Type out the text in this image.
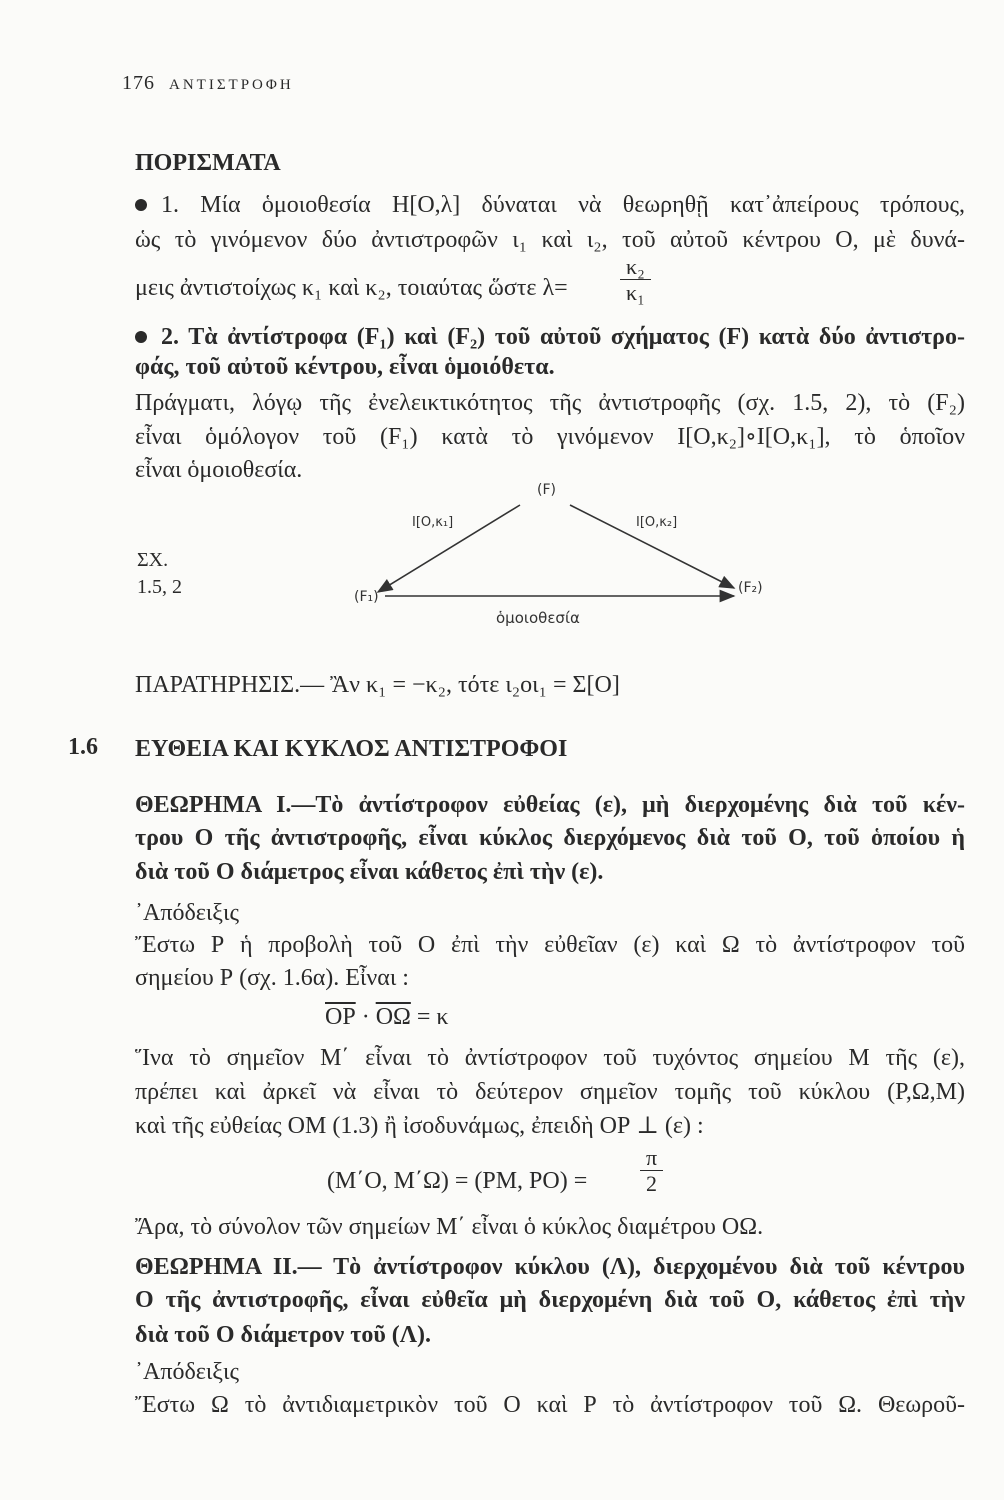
176 ΑΝΤΙΣΤΡΟΦΗ
ΠΟΡΙΣΜΑΤΑ
1. Μία ὁμοιοθεσία Η[Ο,λ] δύναται νὰ θεωρηθῇ κατ᾽ἀπείρους τρόπους,
ὡς τὸ γινόμενον δύο ἀντιστροφῶν ι₁ καὶ ι₂, τοῦ αὐτοῦ κέντρου Ο, μὲ δυνά-
μεις ἀντιστοίχως κ₁ καὶ κ₂, τοιαύτας ὥστε λ=	$\frac{\text{κ₂}}{\text{κ₁}}$
2. Τὰ ἀντίστροφα (F₁) καὶ (F₂) τοῦ αὐτοῦ σχήματος (F) κατὰ δύο ἀντιστρο-
φάς, τοῦ αὐτοῦ κέντρου, εἶναι ὁμοιόθετα.
Πράγματι, λόγῳ τῆς ἐνελεικτικότητος τῆς ἀντιστροφῆς (σχ. 1.5, 2), τὸ (F₂)
εἶναι ὁμόλογον τοῦ (F₁) κατὰ τὸ γινόμενον Ι[Ο,κ₂]∘Ι[Ο,κ₁], τὸ ὁποῖον
εἶναι ὁμοιοθεσία.
ΣΧ.
1.5, 2
(F)
(F₁)
(F₂)
I[O,κ₁]	I[O,κ₂]
ὁμοιοθεσία
ΠΑΡΑΤΗΡΗΣΙΣ.— Ἂν κ₁ = −κ₂, τότε ι₂οι₁ = Σ[Ο]
1.6 ΕΥΘΕΙΑ ΚΑΙ ΚΥΚΛΟΣ ΑΝΤΙΣΤΡΟΦΟΙ
ΘΕΩΡΗΜΑ Ι.—Τὸ ἀντίστροφον εὐθείας (ε), μὴ διερχομένης διὰ τοῦ κέν-
τρου Ο τῆς ἀντιστροφῆς, εἶναι κύκλος διερχόμενος διὰ τοῦ Ο, τοῦ ὁποίου ἡ
διὰ τοῦ Ο διάμετρος εἶναι κάθετος ἐπὶ τὴν (ε).
᾽Απόδειξις
Ἔστω Ρ ἡ προβολὴ τοῦ Ο ἐπὶ τὴν εὐθεῖαν (ε) καὶ Ω τὸ ἀντίστροφον τοῦ
σημείου Ρ (σχ. 1.6α). Εἶναι :
$\overline{OP} \cdot \overline{O\Omega} = \kappa$
Ἵνα τὸ σημεῖον Μ΄ εἶναι τὸ ἀντίστροφον τοῦ τυχόντος σημείου Μ τῆς (ε),
πρέπει καὶ ἀρκεῖ νὰ εἶναι τὸ δεύτερον σημεῖον τομῆς τοῦ κύκλου (Ρ,Ω,Μ)
καὶ τῆς εὐθείας ΟΜ (1.3) ἢ ἰσοδυνάμως, ἐπειδὴ ΟΡ ⊥ (ε) :
(Μ΄Ο, Μ΄Ω) = (ΡΜ, ΡΟ) =	$\frac{\pi}{2}$
Ἄρα, τὸ σύνολον τῶν σημείων Μ΄ εἶναι ὁ κύκλος διαμέτρου ΟΩ.
ΘΕΩΡΗΜΑ ΙΙ.— Τὸ ἀντίστροφον κύκλου (Λ), διερχομένου διὰ τοῦ κέντρου
Ο τῆς ἀντιστροφῆς, εἶναι εὐθεῖα μὴ διερχομένη διὰ τοῦ Ο, κάθετος ἐπὶ τὴν
διὰ τοῦ Ο διάμετρον τοῦ (Λ).
᾽Απόδειξις
Ἔστω Ω τὸ ἀντιδιαμετρικὸν τοῦ Ο καὶ Ρ τὸ ἀντίστροφον τοῦ Ω. Θεωροῦ-
